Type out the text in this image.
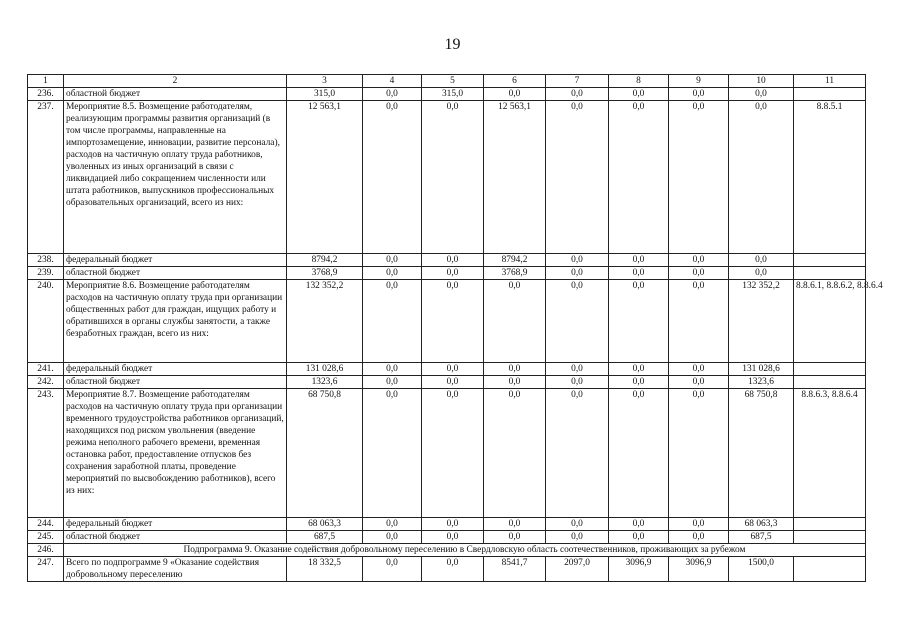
19
1	2	3	4	5	6	7	8	9	10	11
236.	областной бюджет	315,0	0,0	315,0	0,0	0,0	0,0	0,0	0,0	
237.	Мероприятие 8.5. Возмещение работодателям, реализующим программы развития организаций (в том числе программы, направленные на импортозамещение, инновации, развитие персонала), расходов на частичную оплату труда работников, уволенных из иных организаций в связи с ликвидацией либо сокращением численности или штата работников, выпускников профессиональных образовательных организаций, всего из них:	12 563,1	0,0	0,0	12 563,1	0,0	0,0	0,0	0,0	8.8.5.1
238.	федеральный бюджет	8794,2	0,0	0,0	8794,2	0,0	0,0	0,0	0,0	
239.	областной бюджет	3768,9	0,0	0,0	3768,9	0,0	0,0	0,0	0,0	
240.	Мероприятие 8.6. Возмещение работодателям расходов на частичную оплату труда при организации общественных работ для граждан, ищущих работу и обратившихся в органы службы занятости, а также безработных граждан, всего из них:	132 352,2	0,0	0,0	0,0	0,0	0,0	0,0	132 352,2	8.8.6.1, 8.8.6.2, 8.8.6.4
241.	федеральный бюджет	131 028,6	0,0	0,0	0,0	0,0	0,0	0,0	131 028,6	
242.	областной бюджет	1323,6	0,0	0,0	0,0	0,0	0,0	0,0	1323,6	
243.	Мероприятие 8.7. Возмещение работодателям расходов на частичную оплату труда при организации временного трудоустройства работников организаций, находящихся под риском увольнения (введение режима неполного рабочего времени, временная остановка работ, предоставление отпусков без сохранения заработной платы, проведение мероприятий по высвобождению работников), всего из них:	68 750,8	0,0	0,0	0,0	0,0	0,0	0,0	68 750,8	8.8.6.3, 8.8.6.4
244.	федеральный бюджет	68 063,3	0,0	0,0	0,0	0,0	0,0	0,0	68 063,3	
245.	областной бюджет	687,5	0,0	0,0	0,0	0,0	0,0	0,0	687,5	
246.	Подпрограмма 9. Оказание содействия добровольному переселению в Свердловскую область соотечественников, проживающих за рубежом									
247.	Всего по подпрограмме 9 «Оказание содействия добровольному переселению	18 332,5	0,0	0,0	8541,7	2097,0	3096,9	3096,9	1500,0	
